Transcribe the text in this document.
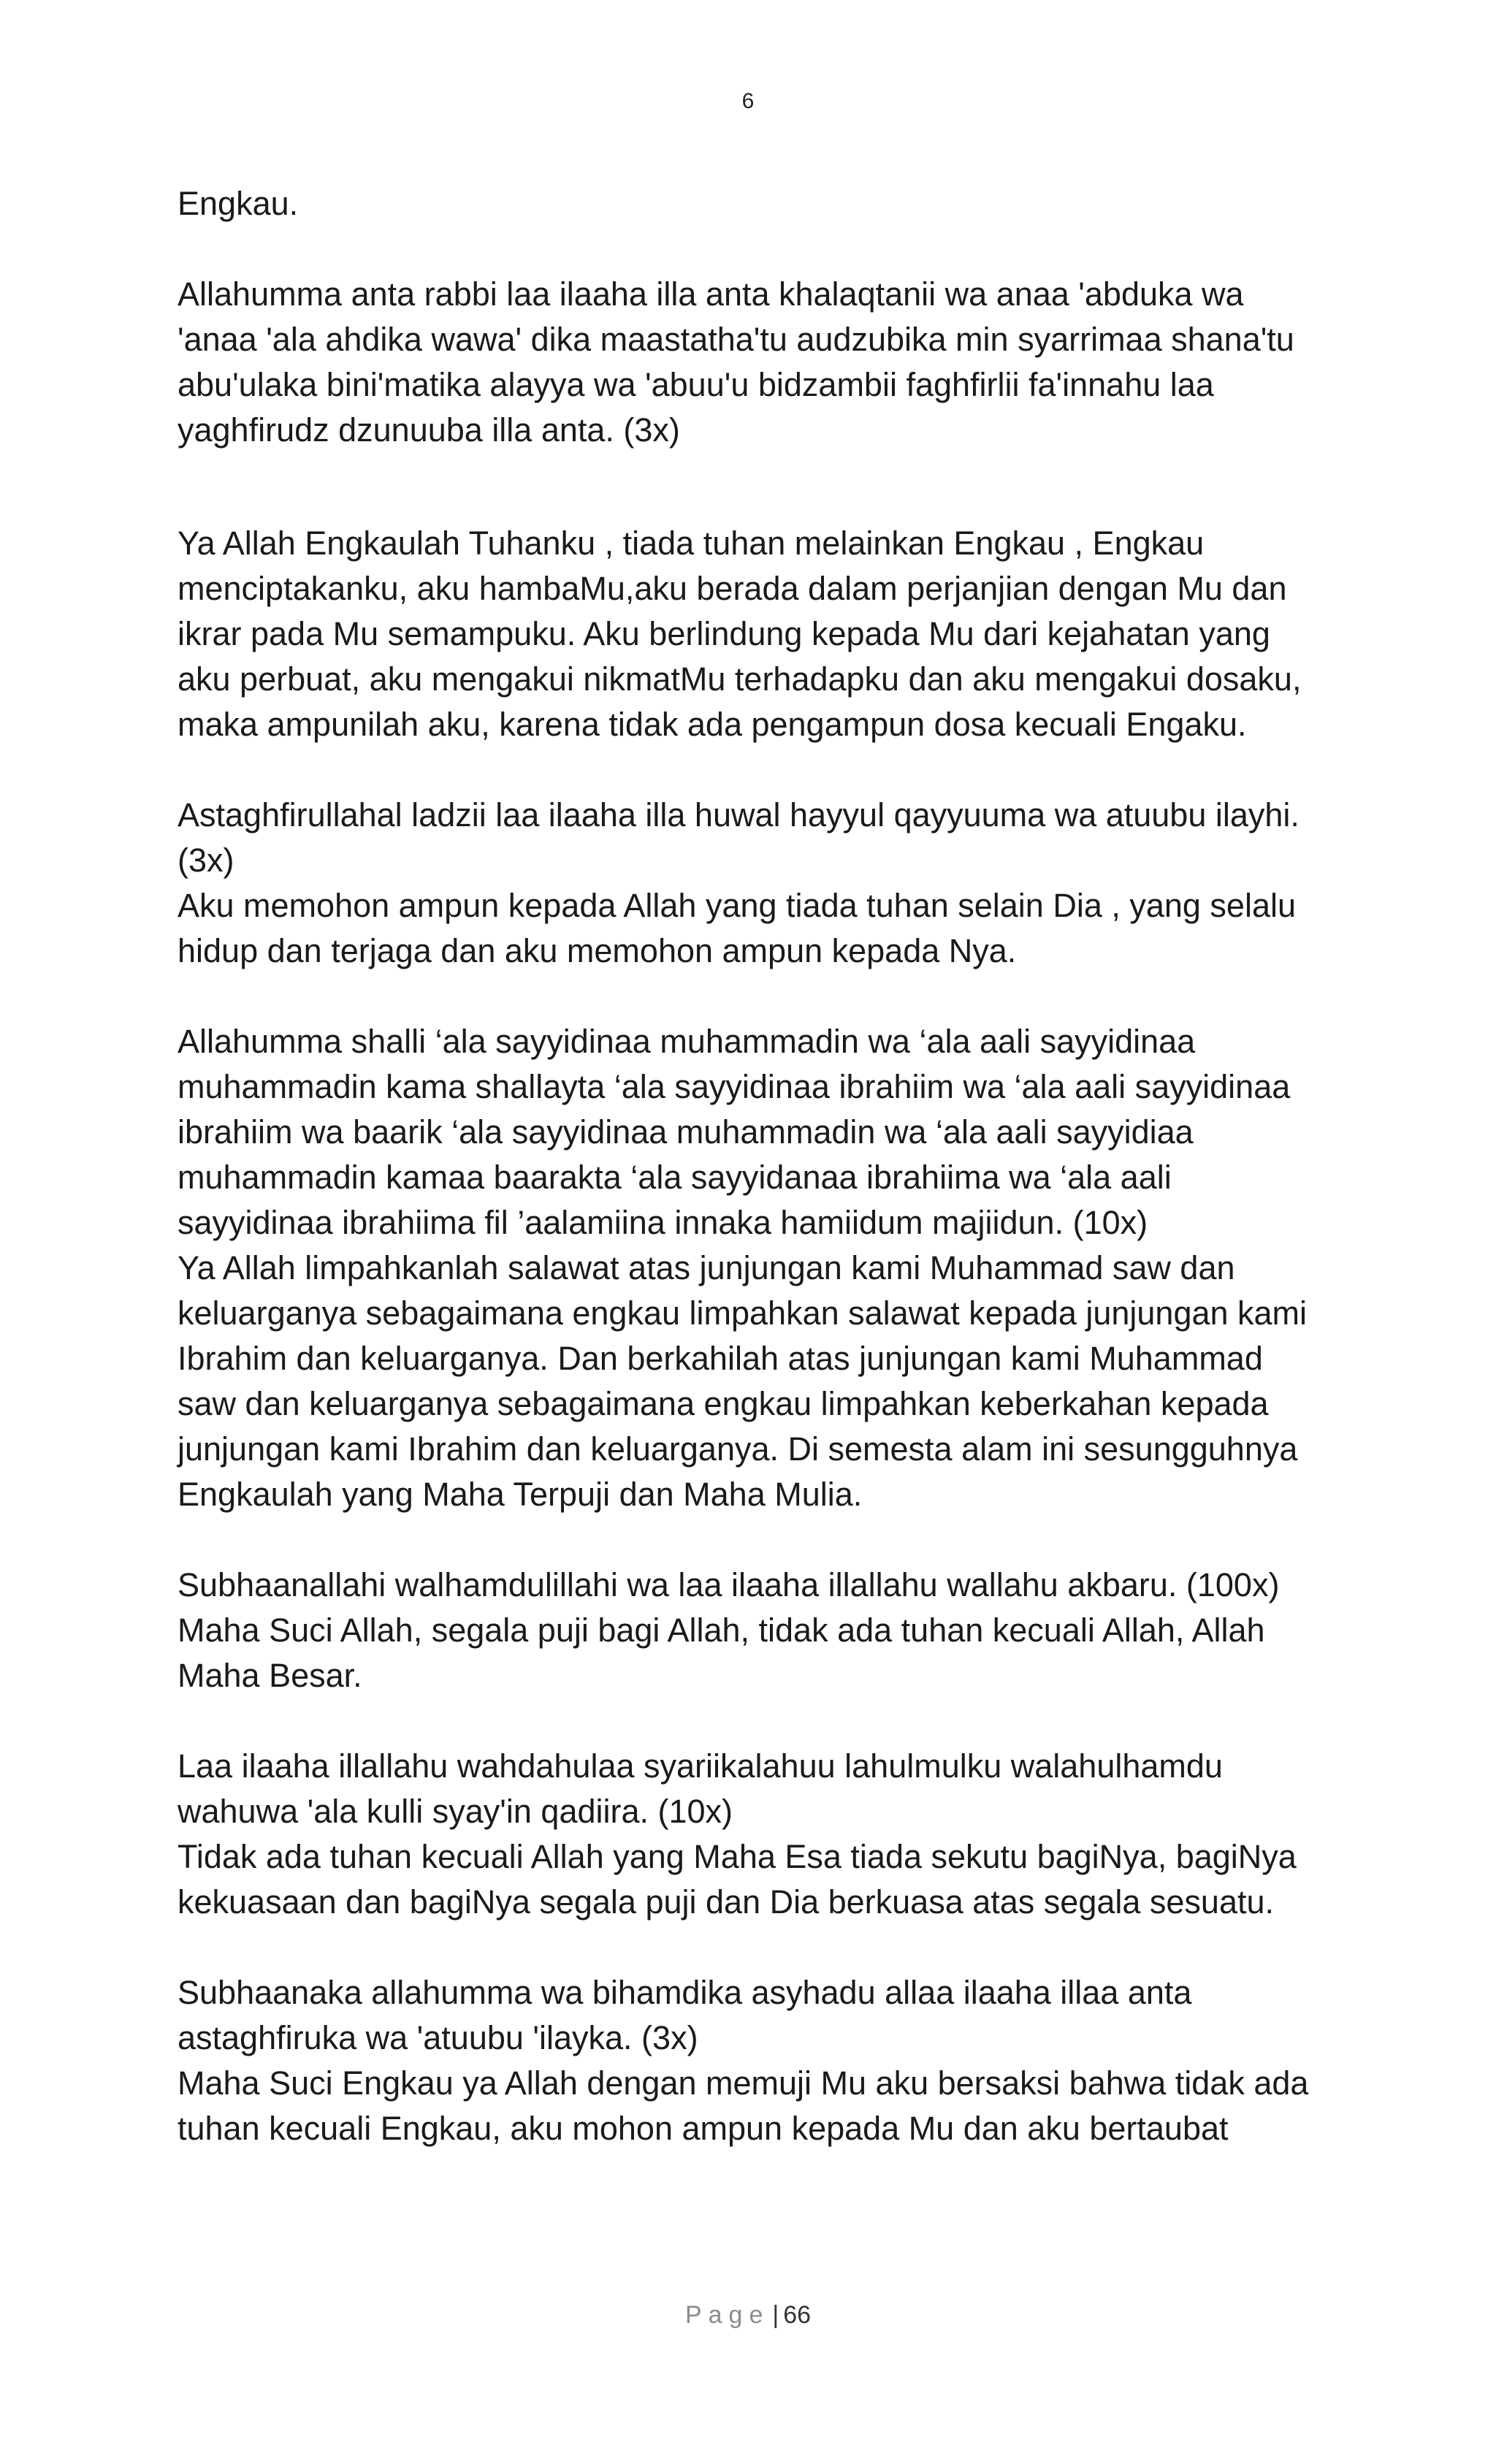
6

Engkau.

Allahumma anta rabbi laa ilaaha illa anta khalaqtanii wa anaa 'abduka wa
'anaa 'ala ahdika wawa' dika maastatha'tu audzubika min syarrimaa shana'tu
abu'ulaka bini'matika alayya wa 'abuu'u bidzambii faghfirlii fa'innahu laa
yaghfirudz dzunuuba illa anta. (3x)

Ya Allah Engkaulah Tuhanku , tiada tuhan melainkan Engkau , Engkau
menciptakanku, aku hambaMu,aku berada dalam perjanjian dengan Mu dan
ikrar pada Mu semampuku. Aku berlindung kepada Mu dari kejahatan yang
aku perbuat, aku mengakui nikmatMu terhadapku dan aku mengakui dosaku,
maka ampunilah aku, karena tidak ada pengampun dosa kecuali Engaku.

Astaghfirullahal ladzii laa ilaaha illa huwal hayyul qayyuuma wa atuubu ilayhi.
(3x)
Aku memohon ampun kepada Allah yang tiada tuhan selain Dia , yang selalu
hidup dan terjaga dan aku memohon ampun kepada Nya.

Allahumma shalli ‘ala sayyidinaa muhammadin wa ‘ala aali sayyidinaa
muhammadin kama shallayta ‘ala sayyidinaa ibrahiim wa ‘ala aali sayyidinaa
ibrahiim wa baarik ‘ala sayyidinaa muhammadin wa ‘ala aali sayyidiaa
muhammadin kamaa baarakta ‘ala sayyidanaa ibrahiima wa ‘ala aali
sayyidinaa ibrahiima fil ’aalamiina innaka hamiidum majiidun. (10x)
Ya Allah limpahkanlah salawat atas junjungan kami Muhammad saw dan
keluarganya sebagaimana engkau limpahkan salawat kepada junjungan kami
Ibrahim dan keluarganya. Dan berkahilah atas junjungan kami Muhammad
saw dan keluarganya sebagaimana engkau limpahkan keberkahan kepada
junjungan kami Ibrahim dan keluarganya. Di semesta alam ini sesungguhnya
Engkaulah yang Maha Terpuji dan Maha Mulia.

Subhaanallahi walhamdulillahi wa laa ilaaha illallahu wallahu akbaru. (100x)
Maha Suci Allah, segala puji bagi Allah, tidak ada tuhan kecuali Allah, Allah
Maha Besar.

Laa ilaaha illallahu wahdahulaa syariikalahuu lahulmulku walahulhamdu
wahuwa 'ala kulli syay'in qadiira. (10x)
Tidak ada tuhan kecuali Allah yang Maha Esa tiada sekutu bagiNya, bagiNya
kekuasaan dan bagiNya segala puji dan Dia berkuasa atas segala sesuatu.

Subhaanaka allahumma wa bihamdika asyhadu allaa ilaaha illaa anta
astaghfiruka wa 'atuubu 'ilayka. (3x)
Maha Suci Engkau ya Allah dengan memuji Mu aku bersaksi bahwa tidak ada
tuhan kecuali Engkau, aku mohon ampun kepada Mu dan aku bertaubat

Page | 66
